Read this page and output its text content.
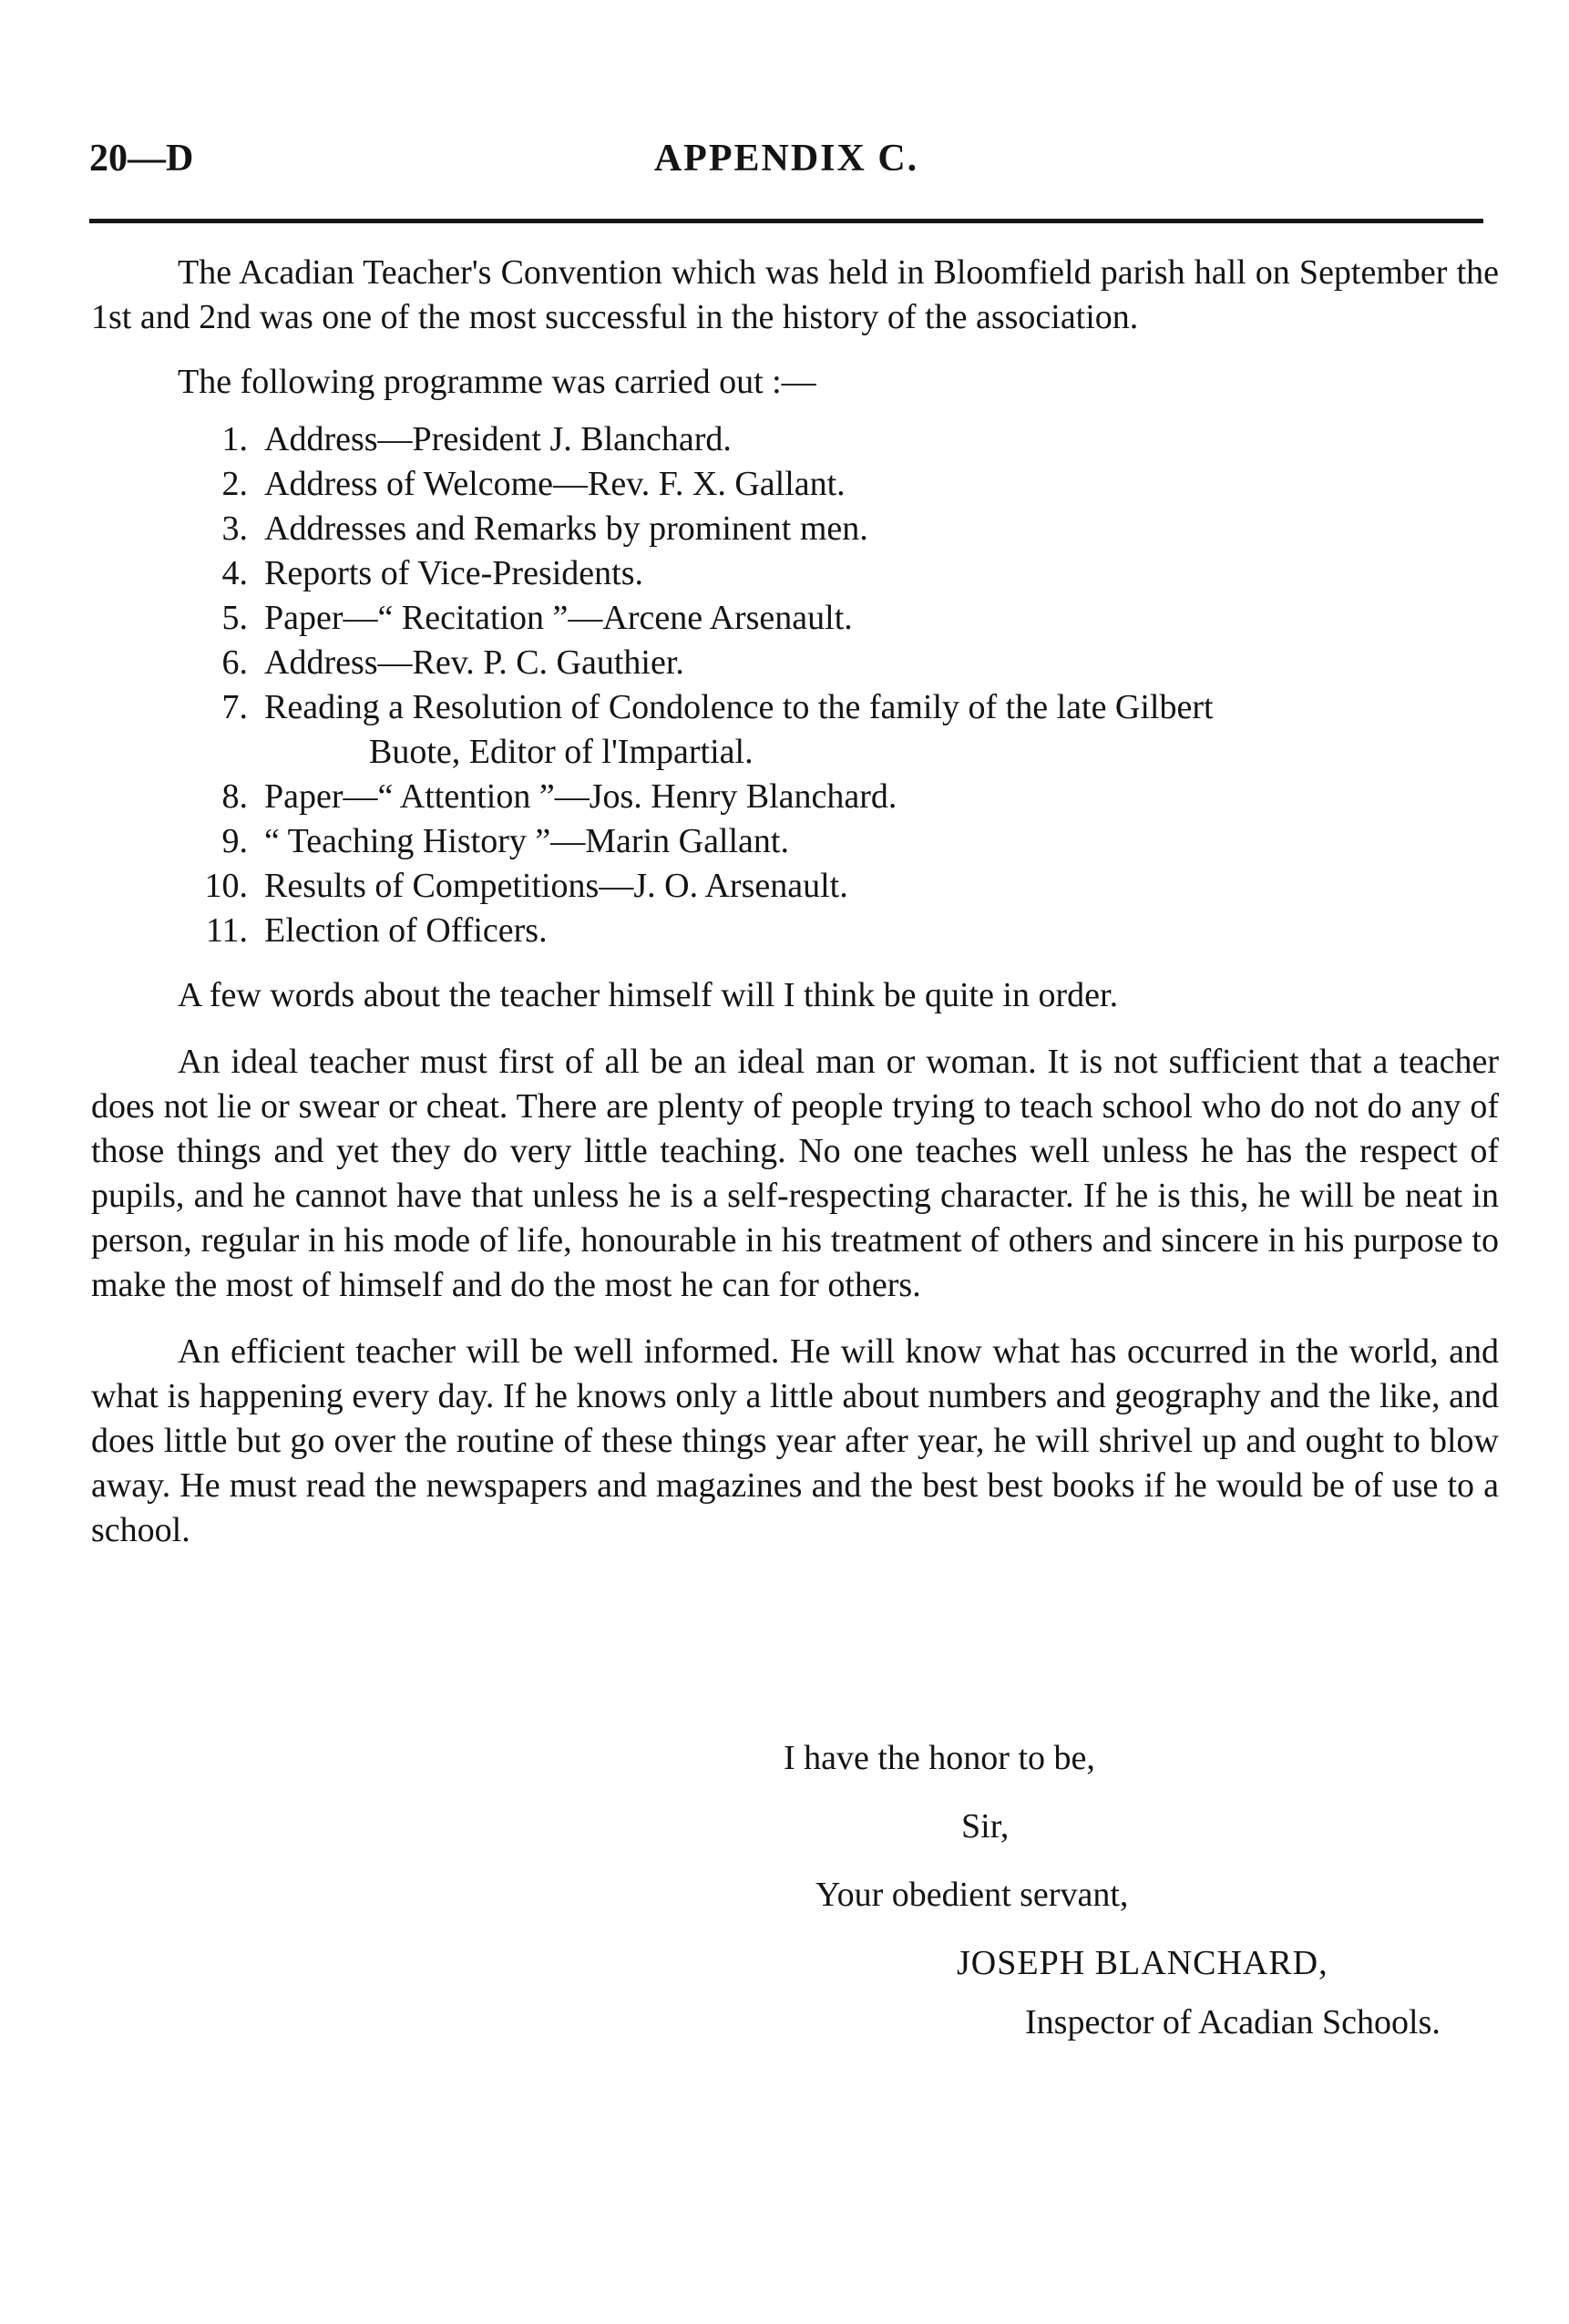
20—D	APPENDIX C.

The Acadian Teacher's Convention which was held in Bloomfield parish hall on September the 1st and 2nd was one of the most successful in the history of the association.

The following programme was carried out :—

1. Address—President J. Blanchard.
2. Address of Welcome—Rev. F. X. Gallant.
3. Addresses and Remarks by prominent men.
4. Reports of Vice-Presidents.
5. Paper—“ Recitation ”—Arcene Arsenault.
6. Address—Rev. P. C. Gauthier.
7. Reading a Resolution of Condolence to the family of the late Gilbert
Buote, Editor of l'Impartial.
8. Paper—“ Attention ”—Jos. Henry Blanchard.
9. “ Teaching History ”—Marin Gallant.
10. Results of Competitions—J. O. Arsenault.
11. Election of Officers.

A few words about the teacher himself will I think be quite in order.

An ideal teacher must first of all be an ideal man or woman. It is not sufficient that a teacher does not lie or swear or cheat. There are plenty of people trying to teach school who do not do any of those things and yet they do very little teaching. No one teaches well unless he has the respect of pupils, and he cannot have that unless he is a self-respecting character. If he is this, he will be neat in person, regular in his mode of life, honourable in his treatment of others and sincere in his purpose to make the most of himself and do the most he can for others.

An efficient teacher will be well informed. He will know what has occurred in the world, and what is happening every day. If he knows only a little about numbers and geography and the like, and does little but go over the routine of these things year after year, he will shrivel up and ought to blow away. He must read the newspapers and magazines and the best best books if he would be of use to a school.

I have the honor to be,
Sir,
Your obedient servant,
JOSEPH BLANCHARD,
Inspector of Acadian Schools.
